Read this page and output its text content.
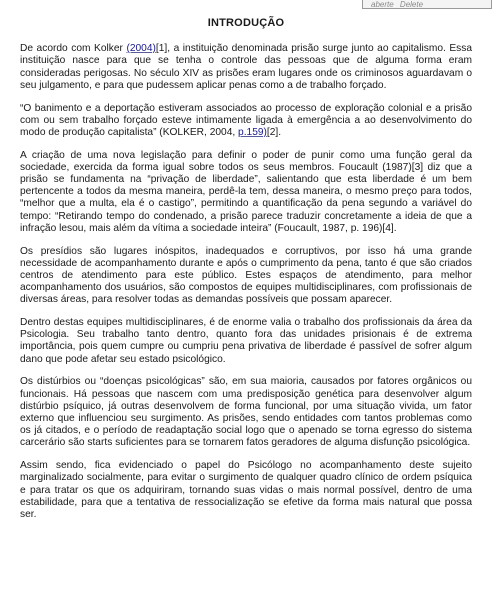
aberte Delete
INTRODUÇÃO

De acordo com Kolker (2004)[1], a instituição denominada prisão surge junto ao capitalismo. Essa instituição nasce para que se tenha o controle das pessoas que de alguma forma eram consideradas perigosas. No século XIV as prisões eram lugares onde os criminosos aguardavam o seu julgamento, e para que pudessem aplicar penas como a de trabalho forçado.

“O banimento e a deportação estiveram associados ao processo de exploração colonial e a prisão com ou sem trabalho forçado esteve intimamente ligada à emergência a ao desenvolvimento do modo de produção capitalista” (KOLKER, 2004, p.159)[2].

A criação de uma nova legislação para definir o poder de punir como uma função geral da sociedade, exercida da forma igual sobre todos os seus membros. Foucault (1987)[3] diz que a prisão se fundamenta na “privação de liberdade”, salientando que esta liberdade é um bem pertencente a todos da mesma maneira, perdê-la tem, dessa maneira, o mesmo preço para todos, “melhor que a multa, ela é o castigo”, permitindo a quantificação da pena segundo a variável do tempo: “Retirando tempo do condenado, a prisão parece traduzir concretamente a ideia de que a infração lesou, mais além da vítima a sociedade inteira” (Foucault, 1987, p. 196)[4].

Os presídios são lugares inóspitos, inadequados e corruptivos, por isso há uma grande necessidade de acompanhamento durante e após o cumprimento da pena, tanto é que são criados centros de atendimento para este público. Estes espaços de atendimento, para melhor acompanhamento dos usuários, são compostos de equipes multidisciplinares, com profissionais de diversas áreas, para resolver todas as demandas possíveis que possam aparecer.

Dentro destas equipes multidisciplinares, é de enorme valia o trabalho dos profissionais da área da Psicologia. Seu trabalho tanto dentro, quanto fora das unidades prisionais é de extrema importância, pois quem cumpre ou cumpriu pena privativa de liberdade é passível de sofrer algum dano que pode afetar seu estado psicológico.

Os distúrbios ou “doenças psicológicas” são, em sua maioria, causados por fatores orgânicos ou funcionais. Há pessoas que nascem com uma predisposição genética para desenvolver algum distúrbio psíquico, já outras desenvolvem de forma funcional, por uma situação vivida, um fator externo que influenciou seu surgimento. As prisões, sendo entidades com tantos problemas como os já citados, e o período de readaptação social logo que o apenado se torna egresso do sistema carcerário são starts suficientes para se tornarem fatos geradores de alguma disfunção psicológica.

Assim sendo, fica evidenciado o papel do Psicólogo no acompanhamento deste sujeito marginalizado socialmente, para evitar o surgimento de qualquer quadro clínico de ordem psíquica e para tratar os que os adquiriram, tornando suas vidas o mais normal possível, dentro de uma estabilidade, para que a tentativa de ressocialização se efetive da forma mais natural que possa ser.
